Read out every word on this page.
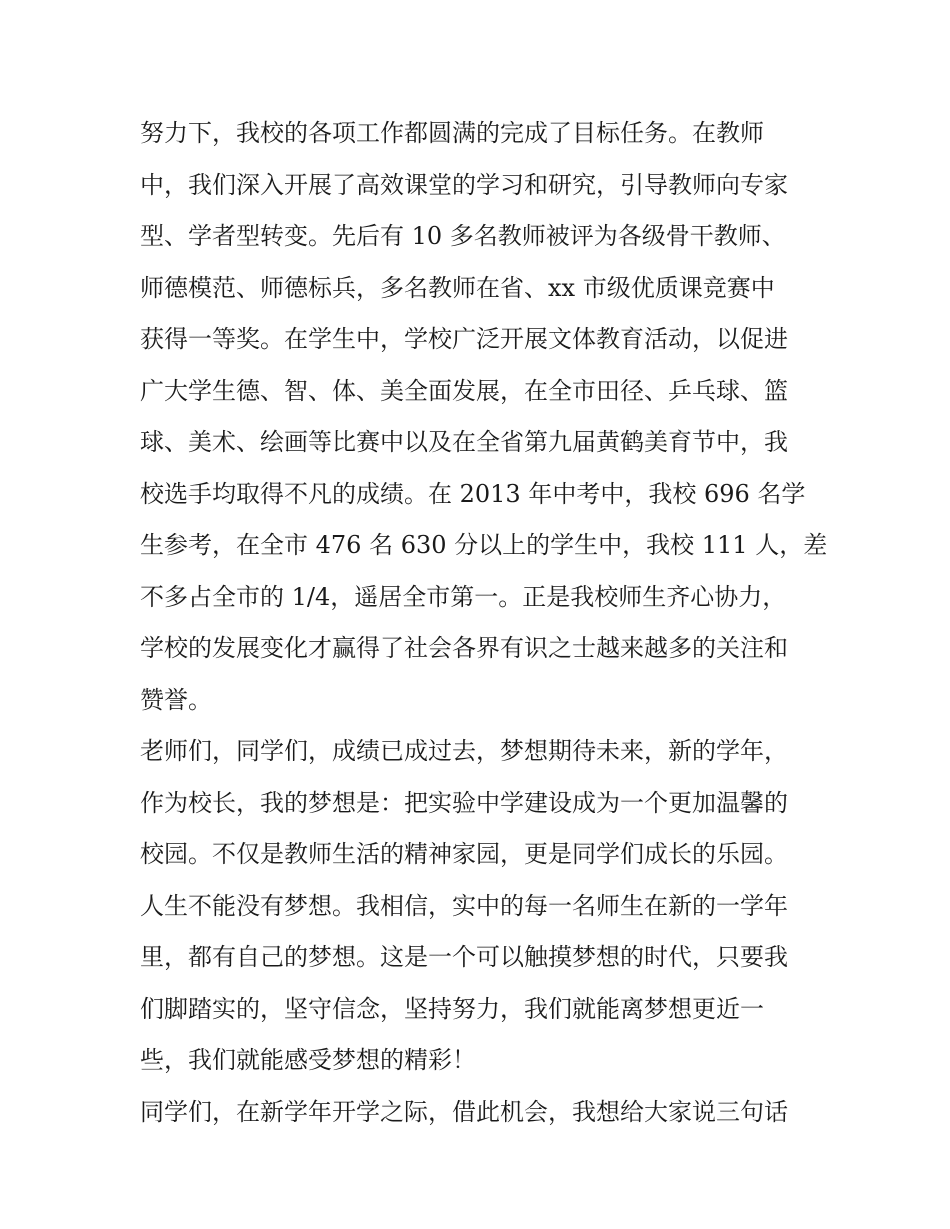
努力下，我校的各项工作都圆满的完成了目标任务。在教师
中，我们深入开展了高效课堂的学习和研究，引导教师向专家
型、学者型转变。先后有 10 多名教师被评为各级骨干教师、
师德模范、师德标兵，多名教师在省、xx 市级优质课竞赛中
获得一等奖。在学生中，学校广泛开展文体教育活动，以促进
广大学生德、智、体、美全面发展，在全市田径、乒乓球、篮
球、美术、绘画等比赛中以及在全省第九届黄鹤美育节中，我
校选手均取得不凡的成绩。在 2013 年中考中，我校 696 名学
生参考，在全市 476 名 630 分以上的学生中，我校 111 人，差
不多占全市的 1/4，遥居全市第一。正是我校师生齐心协力，
学校的发展变化才赢得了社会各界有识之士越来越多的关注和
赞誉。
老师们，同学们，成绩已成过去，梦想期待未来，新的学年，
作为校长，我的梦想是：把实验中学建设成为一个更加温馨的
校园。不仅是教师生活的精神家园，更是同学们成长的乐园。
人生不能没有梦想。我相信，实中的每一名师生在新的一学年
里，都有自己的梦想。这是一个可以触摸梦想的时代，只要我
们脚踏实的，坚守信念，坚持努力，我们就能离梦想更近一
些，我们就能感受梦想的精彩！
同学们，在新学年开学之际，借此机会，我想给大家说三句话
